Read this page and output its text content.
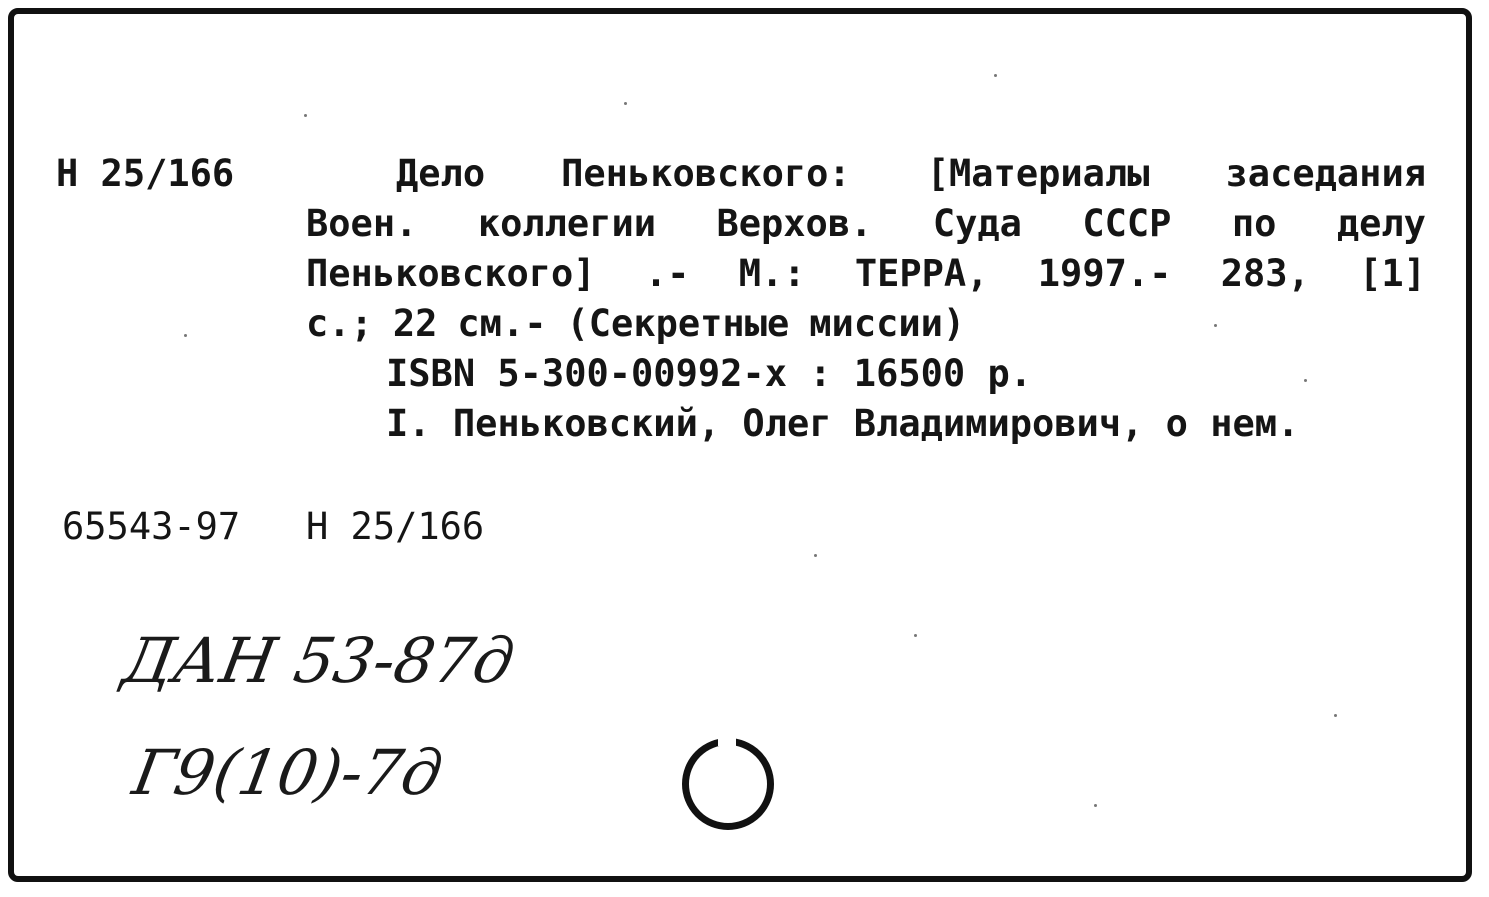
Н 25/166	Дело Пеньковского: [Материалы заседания
Воен. коллегии Верхов. Суда СССР по делу
Пеньковского] .- М.: ТЕРРА, 1997.- 283, [1]
с.; 22 см.- (Секретные миссии)
ISBN 5-300-00992-х : 16500 р.
I. Пеньковский, Олег Владимирович, о нем.
65543-97 Н 25/166
ДАН 53-87д
Г9(10)-7д
